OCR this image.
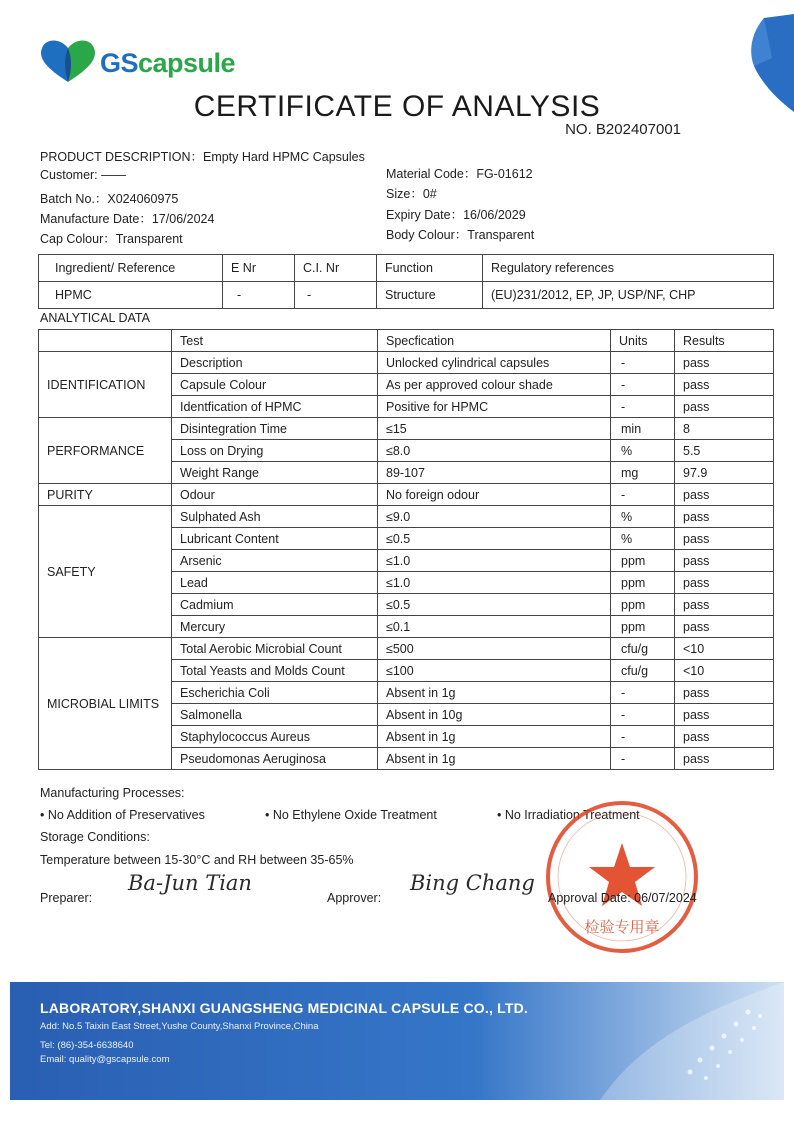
GScapsule
CERTIFICATE OF ANALYSIS
NO. B202407001
PRODUCT DESCRIPTION：Empty Hard HPMC Capsules
Customer: ——
Batch No.：X024060975
Manufacture Date：17/06/2024
Cap Colour：Transparent
Material Code：FG-01612
Size：0#
Expiry Date：16/06/2029
Body Colour：Transparent
Ingredient/ Reference	E Nr	C.I. Nr	Function	Regulatory references
HPMC	-	-	Structure	(EU)231/2012, EP, JP, USP/NF, CHP
ANALYTICAL DATA
	Test	Specfication	Units	Results
IDENTIFICATION	Description	Unlocked cylindrical capsules	-	pass
	Capsule Colour	As per approved colour shade	-	pass
	Identfication of HPMC	Positive for HPMC	-	pass
PERFORMANCE	Disintegration Time	≤15	min	8
	Loss on Drying	≤8.0	%	5.5
	Weight Range	89-107	mg	97.9
PURITY	Odour	No foreign odour	-	pass
SAFETY	Sulphated Ash	≤9.0	%	pass
	Lubricant Content	≤0.5	%	pass
	Arsenic	≤1.0	ppm	pass
	Lead	≤1.0	ppm	pass
	Cadmium	≤0.5	ppm	pass
	Mercury	≤0.1	ppm	pass
MICROBIAL LIMITS	Total Aerobic Microbial Count	≤500	cfu/g	<10
	Total Yeasts and Molds Count	≤100	cfu/g	<10
	Escherichia Coli	Absent in 1g	-	pass
	Salmonella	Absent in 10g	-	pass
	Staphylococcus Aureus	Absent in 1g	-	pass
	Pseudomonas Aeruginosa	Absent in 1g	-	pass
Manufacturing Processes:
• No Addition of Preservatives	• No Ethylene Oxide Treatment	• No Irradiation Treatment
Storage Conditions:
Temperature between 15-30°C and RH between 35-65%
Preparer:
Ba-Jun Tian
Approver:
Bing Chang
检验专用章
Approval Date: 06/07/2024
LABORATORY,SHANXI GUANGSHENG MEDICINAL CAPSULE CO., LTD.
Add: No.5 Taixin East Street,Yushe County,Shanxi Province,China
Tel: (86)-354-6638640
Email: quality@gscapsule.com
